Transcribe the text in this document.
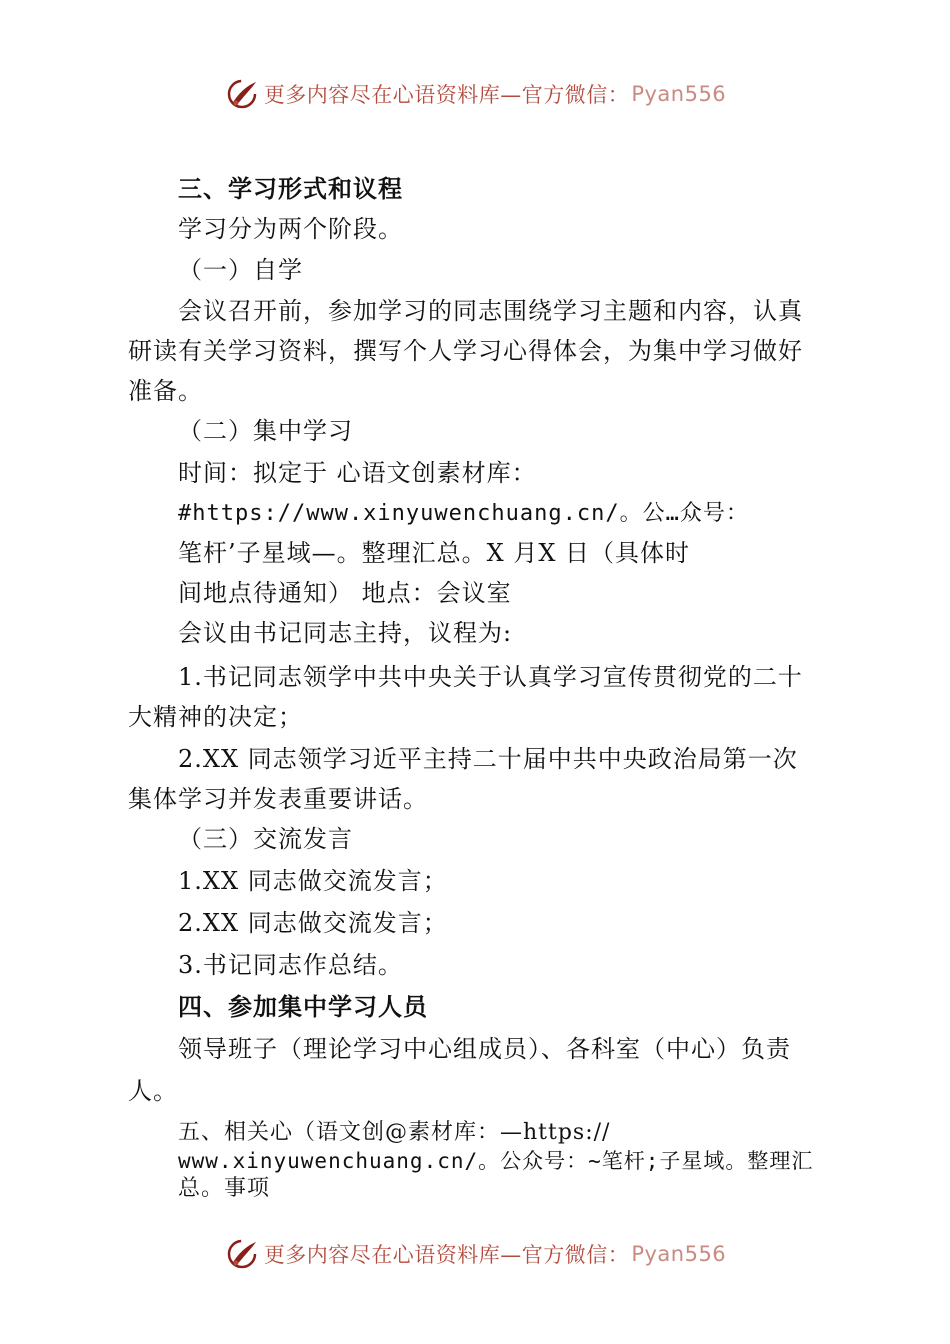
更多内容尽在心语资料库—官方微信： Pyan556
三、学习形式和议程
学习分为两个阶段。
（一）自学
会议召开前，参加学习的同志围绕学习主题和内容，认真
研读有关学习资料，撰写个人学习心得体会，为集中学习做好
准备。
（二）集中学习
时间：拟定于 心语文创素材库：
#https://www.xinyuwenchuang.cn/。公…众号：
笔杆’子星域—。整理汇总。X 月X 日（具体时
间地点待通知） 地点：会议室
会议由书记同志主持，议程为:
1.书记同志领学中共中央关于认真学习宣传贯彻党的二十
大精神的决定；
2.XX 同志领学习近平主持二十届中共中央政治局第一次
集体学习并发表重要讲话。
（三）交流发言
1.XX 同志做交流发言；
2.XX 同志做交流发言；
3.书记同志作总结。
四、参加集中学习人员
领导班子（理论学习中心组成员）、各科室（中心）负责
人。
五、相关心（语文创@素材库：—https://
www.xinyuwenchuang.cn/。公众号：~笔杆;子星域。整理汇
总。事项
更多内容尽在心语资料库—官方微信： Pyan556
